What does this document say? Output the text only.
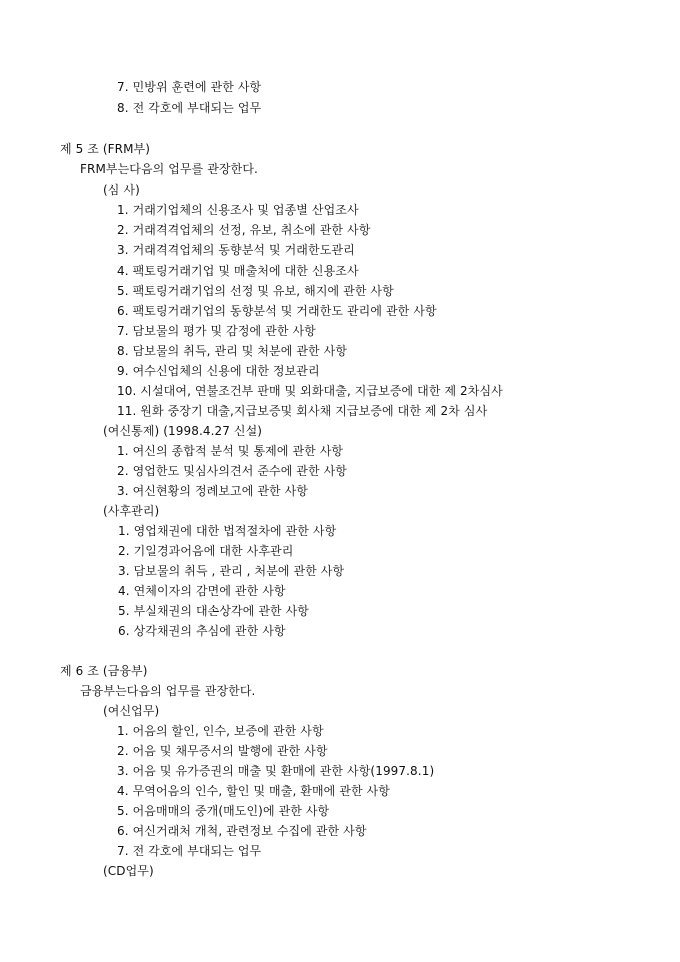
7. 민방위 훈련에 관한 사항
8. 전 각호에 부대되는 업무
제 5 조 (FRM부)
FRM부는다음의 업무를 관장한다.
(심 사)
1. 거래기업체의 신용조사 및 업종별 산업조사
2. 거래격격업체의 선정, 유보, 취소에 관한 사항
3. 거래격격업체의 동향분석 및 거래한도관리
4. 팩토링거래기업 및 매출처에 대한 신용조사
5. 팩토링거래기업의 선정 및 유보, 해지에 관한 사항
6. 팩토링거래기업의 동향분석 및 거래한도 관리에 관한 사항
7. 담보물의 평가 및 감정에 관한 사항
8. 담보물의 취득, 관리 및 처분에 관한 사항
9. 여수신업체의 신용에 대한 정보관리
10. 시설대여, 연불조건부 판매 및 외화대출, 지급보증에 대한 제 2차심사
11. 원화 중장기 대출,지급보증및 회사채 지급보증에 대한 제 2차 심사
(여신통제) (1998.4.27 신설)
1. 여신의 종합적 분석 및 통제에 관한 사항
2. 영업한도 및심사의견서 준수에 관한 사항
3. 여신현황의 정례보고에 관한 사항
(사후관리)
1. 영업채권에 대한 법적절차에 관한 사항
2. 기일경과어음에 대한 사후관리
3. 담보물의 취득 , 관리 , 처분에 관한 사항
4. 연체이자의 감면에 관한 사항
5. 부실채권의 대손상각에 관한 사항
6. 상각채권의 추심에 관한 사항
제 6 조 (금융부)
금융부는다음의 업무를 관장한다.
(여신업무)
1. 어음의 할인, 인수, 보증에 관한 사항
2. 어음 및 채무증서의 발행에 관한 사항
3. 어음 및 유가증권의 매출 및 환매에 관한 사항(1997.8.1)
4. 무역어음의 인수, 할인 및 매출, 환매에 관한 사항
5. 어음매매의 중개(매도인)에 관한 사항
6. 여신거래처 개척, 관련정보 수집에 관한 사항
7. 전 각호에 부대되는 업무
(CD업무)
